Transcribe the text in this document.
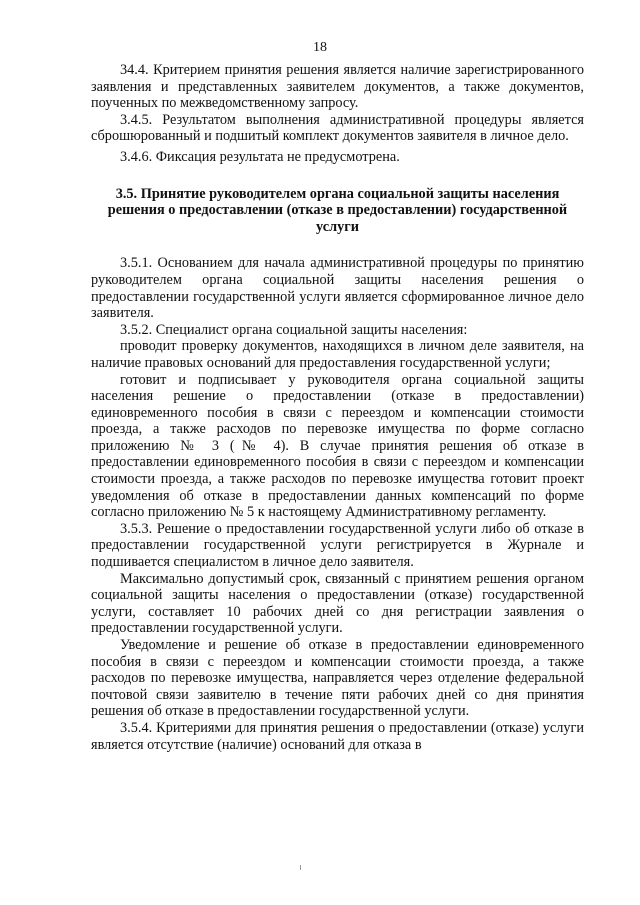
18

34.4. Критерием принятия решения является наличие зарегистрированного заявления и представленных заявителем документов, а также документов, поученных по межведомственному запросу.

3.4.5. Результатом выполнения административной процедуры является сброшюрованный и подшитый комплект документов заявителя в личное дело.

3.4.6. Фиксация результата не предусмотрена.

3.5. Принятие руководителем органа социальной защиты населения решения о предоставлении (отказе в предоставлении) государственной услуги

3.5.1. Основанием для начала административной процедуры по принятию руководителем органа социальной защиты населения решения о предоставлении государственной услуги является сформированное личное дело заявителя.

3.5.2. Специалист органа социальной защиты населения:

проводит проверку документов, находящихся в личном деле заявителя, на наличие правовых оснований для предоставления государственной услуги;

готовит и подписывает у руководителя органа социальной защиты населения решение о предоставлении (отказе в предоставлении) единовременного пособия в связи с переездом и компенсации стоимости проезда, а также расходов по перевозке имущества по форме согласно приложению № 3 (№ 4). В случае принятия решения об отказе в предоставлении единовременного пособия в связи с переездом и компенсации стоимости проезда, а также расходов по перевозке имущества готовит проект уведомления об отказе в предоставлении данных компенсаций по форме согласно приложению № 5 к настоящему Административному регламенту.

3.5.3. Решение о предоставлении государственной услуги либо об отказе в предоставлении государственной услуги регистрируется в Журнале и подшивается специалистом в личное дело заявителя.

Максимально допустимый срок, связанный с принятием решения органом социальной защиты населения о предоставлении (отказе) государственной услуги, составляет 10 рабочих дней со дня регистрации заявления о предоставлении государственной услуги.

Уведомление и решение об отказе в предоставлении единовременного пособия в связи с переездом и компенсации стоимости проезда, а также расходов по перевозке имущества, направляется через отделение федеральной почтовой связи заявителю в течение пяти рабочих дней со дня принятия решения об отказе в предоставлении государственной услуги.

3.5.4. Критериями для принятия решения о предоставлении (отказе) услуги является отсутствие (наличие) оснований для отказа в
